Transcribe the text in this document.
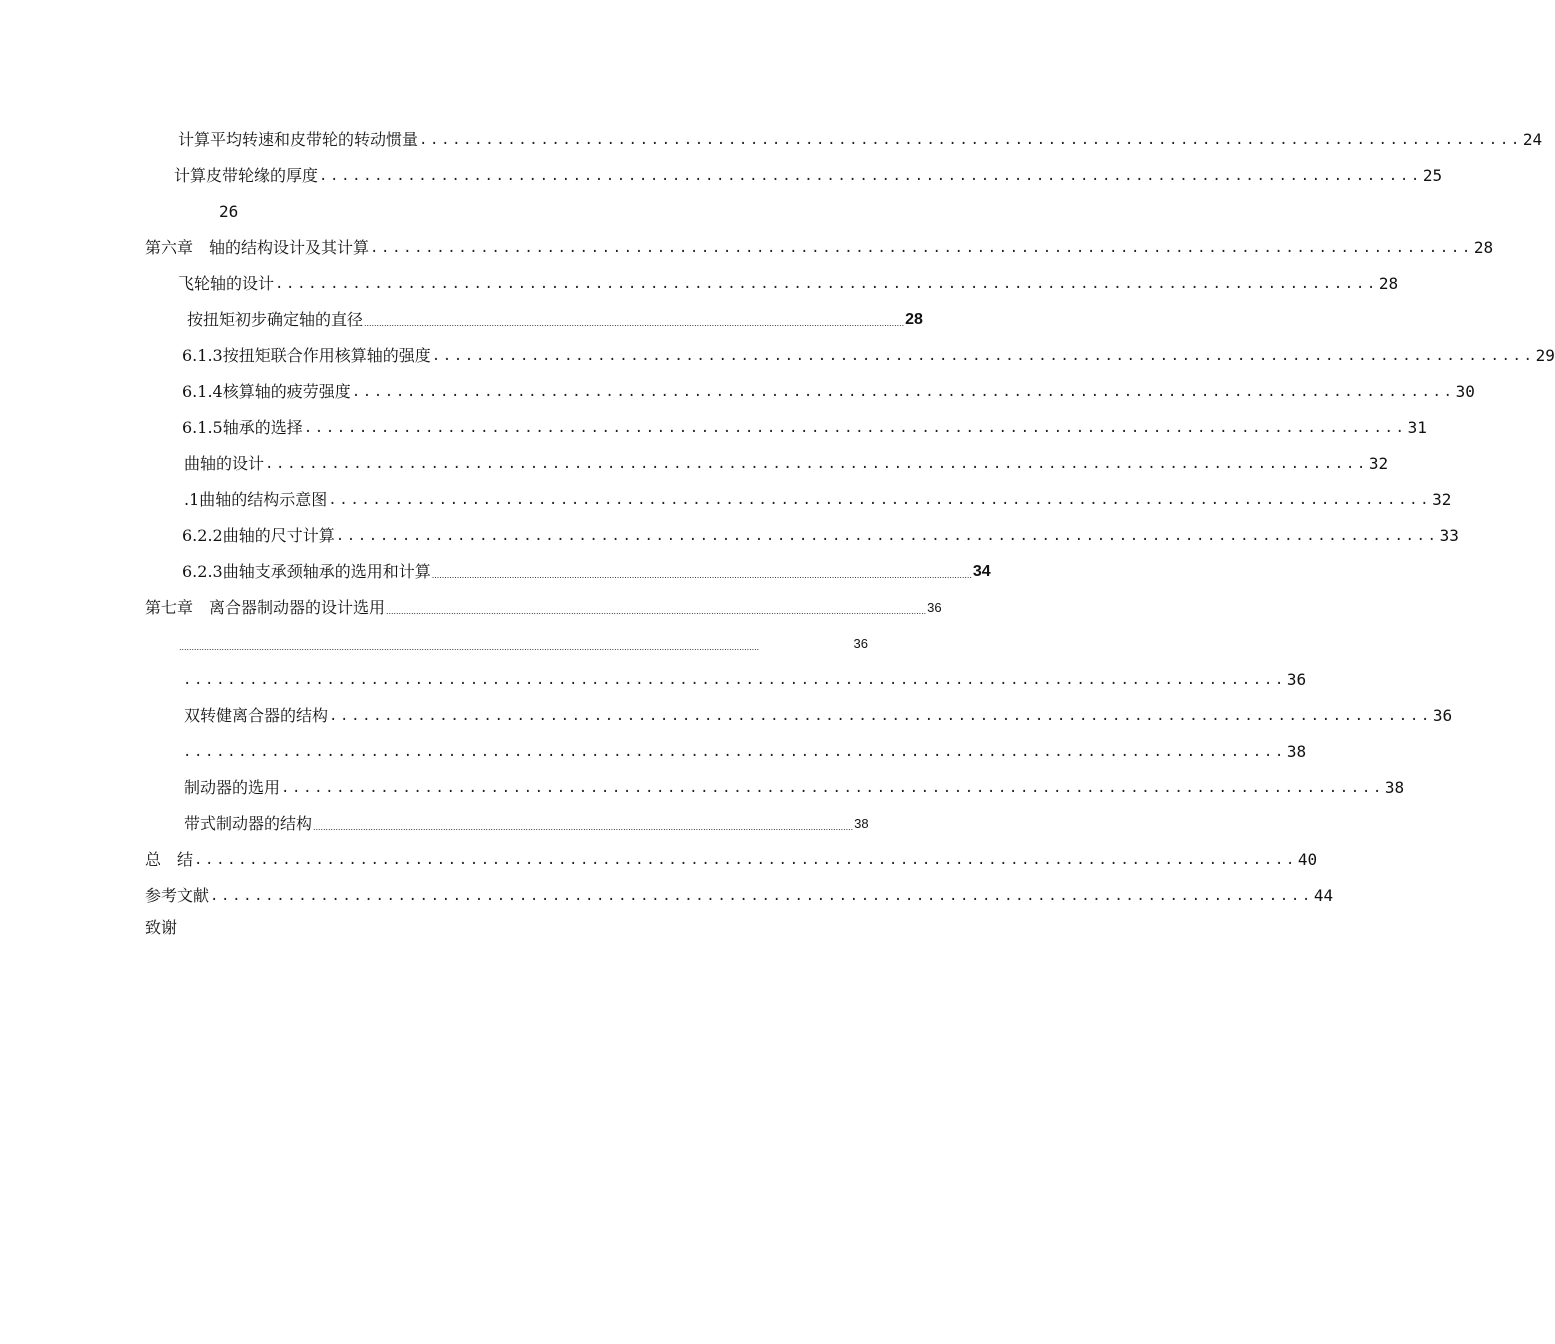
计算平均转速和皮带轮的转动惯量 .................................................................................................... 24
计算皮带轮缘的厚度 .................................................................................................... 25
26
第六章　轴的结构设计及其计算 .................................................................................................... 28
飞轮轴的设计 .................................................................................................... 28
按扭矩初步确定轴的直径 ........................................................................................................................................................................................................................ 28
6.1.3按扭矩联合作用核算轴的强度 .................................................................................................... 29
6.1.4核算轴的疲劳强度 .................................................................................................... 30
6.1.5轴承的选择 .................................................................................................... 31
曲轴的设计 .................................................................................................... 32
.1曲轴的结构示意图 .................................................................................................... 32
6.2.2曲轴的尺寸计算 .................................................................................................... 33
6.2.3曲轴支承颈轴承的选用和计算 ........................................................................................................................................................................................................................ 34
第七章　离合器制动器的设计选用 ........................................................................................................................................................................................................................ 36
........................................................................................................................................................................................................................................	36
.................................................................................................... 36
双转健离合器的结构 .................................................................................................... 36
.................................................................................................... 38
制动器的选用 .................................................................................................... 38
带式制动器的结构 ........................................................................................................................................................................................................................ 38
总　结 .................................................................................................... 40
参考文献 .................................................................................................... 44
致谢
